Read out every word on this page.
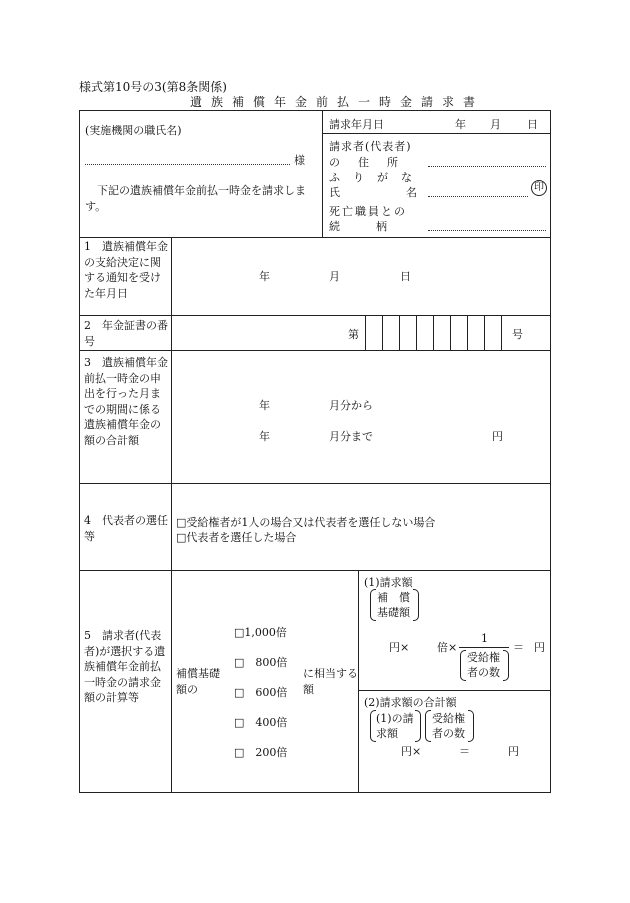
様式第10号の3(第8条関係)
遺族補償年金前払一時金請求書
(実施機関の職氏名)
様
下記の遺族補償年金前払一時金を請求します。
請求年月日	年 月 日
請求者(代表者)
の住所
ふりがな
氏名	印
死亡職員との
続柄
1　遺族補償年金の支給決定に関する通知を受けた年月日
年	月	日
2　年金証書の番号	第	号
3　遺族補償年金前払一時金の申出を行った月までの期間に係る遺族補償年金の額の合計額
年	月分から
年	月分まで	円
4　代表者の選任等
□受給権者が1人の場合又は代表者を選任しない場合
□代表者を選任した場合
5　請求者(代表者)が選択する遺族補償年金前払一時金の請求金額の計算等
補償基礎額の
□1,000倍
□　800倍
□　600倍
□　400倍
□　200倍
に相当する額
(1)請求額
補　償
基礎額
円×	倍×
1
受給権
者の数
＝ 円
(2)請求額の合計額
(1)の請
求額
受給権
者の数
円×	＝	円
